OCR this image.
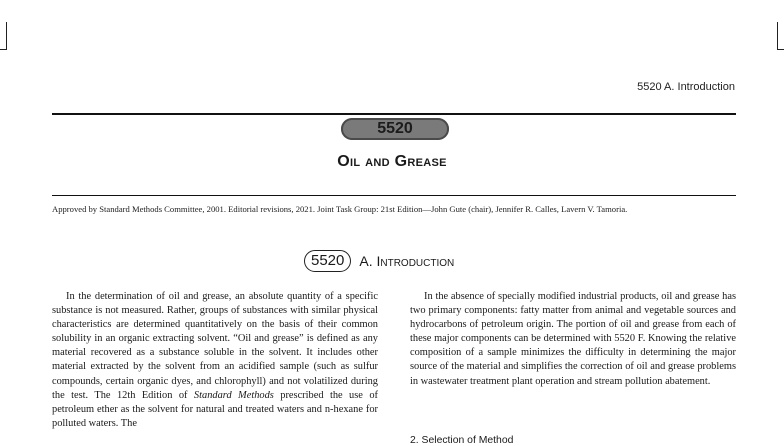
5520 A. Introduction
5520
Oil and Grease
Approved by Standard Methods Committee, 2001. Editorial revisions, 2021. Joint Task Group: 21st Edition—John Gute (chair), Jennifer R. Calles, Lavern V. Tamoria.
5520	A. Introduction

In the determination of oil and grease, an absolute quantity of a specific substance is not measured. Rather, groups of substances with similar physical characteristics are determined quantitatively on the basis of their common solubility in an organic extracting solvent. “Oil and grease” is defined as any material recovered as a substance soluble in the solvent. It includes other material extracted by the solvent from an acidified sample (such as sulfur compounds, certain organic dyes, and chlorophyll) and not volatilized during the test. The 12th Edition of Standard Methods prescribed the use of petroleum ether as the solvent for natural and treated waters and n-hexane for polluted waters. The

In the absence of specially modified industrial products, oil and grease has two primary components: fatty matter from animal and vegetable sources and hydrocarbons of petroleum origin. The portion of oil and grease from each of these major components can be determined with 5520 F. Knowing the relative composition of a sample minimizes the difficulty in determining the major source of the material and simplifies the correction of oil and grease problems in wastewater treatment plant operation and stream pollution abatement.

2. Selection of Method
